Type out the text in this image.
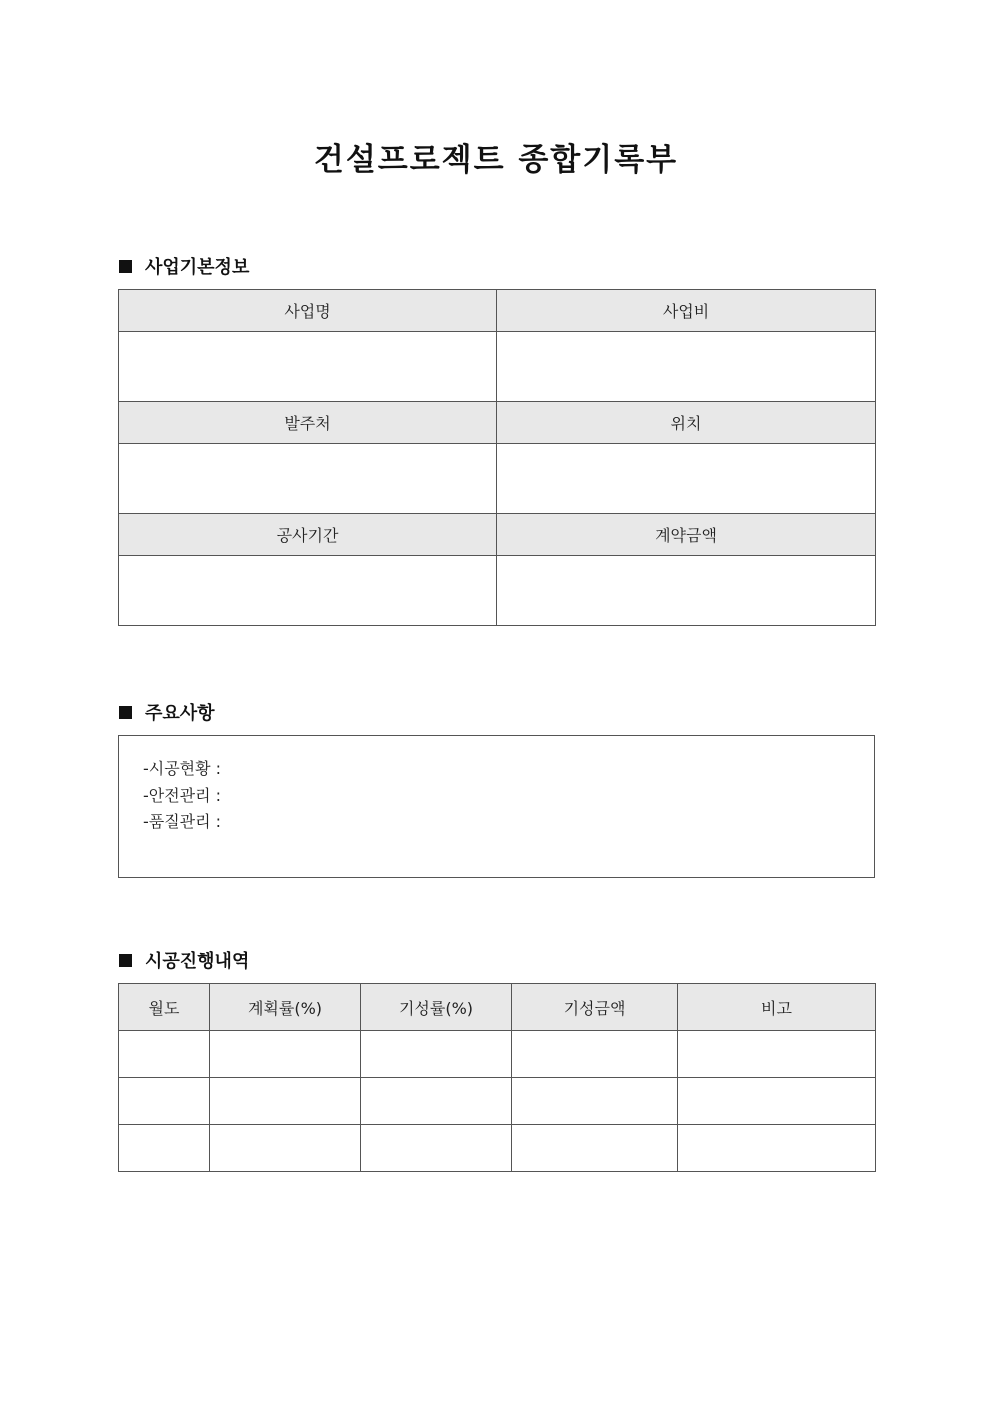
건설프로젝트 종합기록부
사업기본정보
사업명	사업비

발주처	위치

공사기간	계약금액

주요사항
-시공현황 :
-안전관리 :
-품질관리 :
시공진행내역
월도	계획률(%)	기성률(%)	기성금액	비고
